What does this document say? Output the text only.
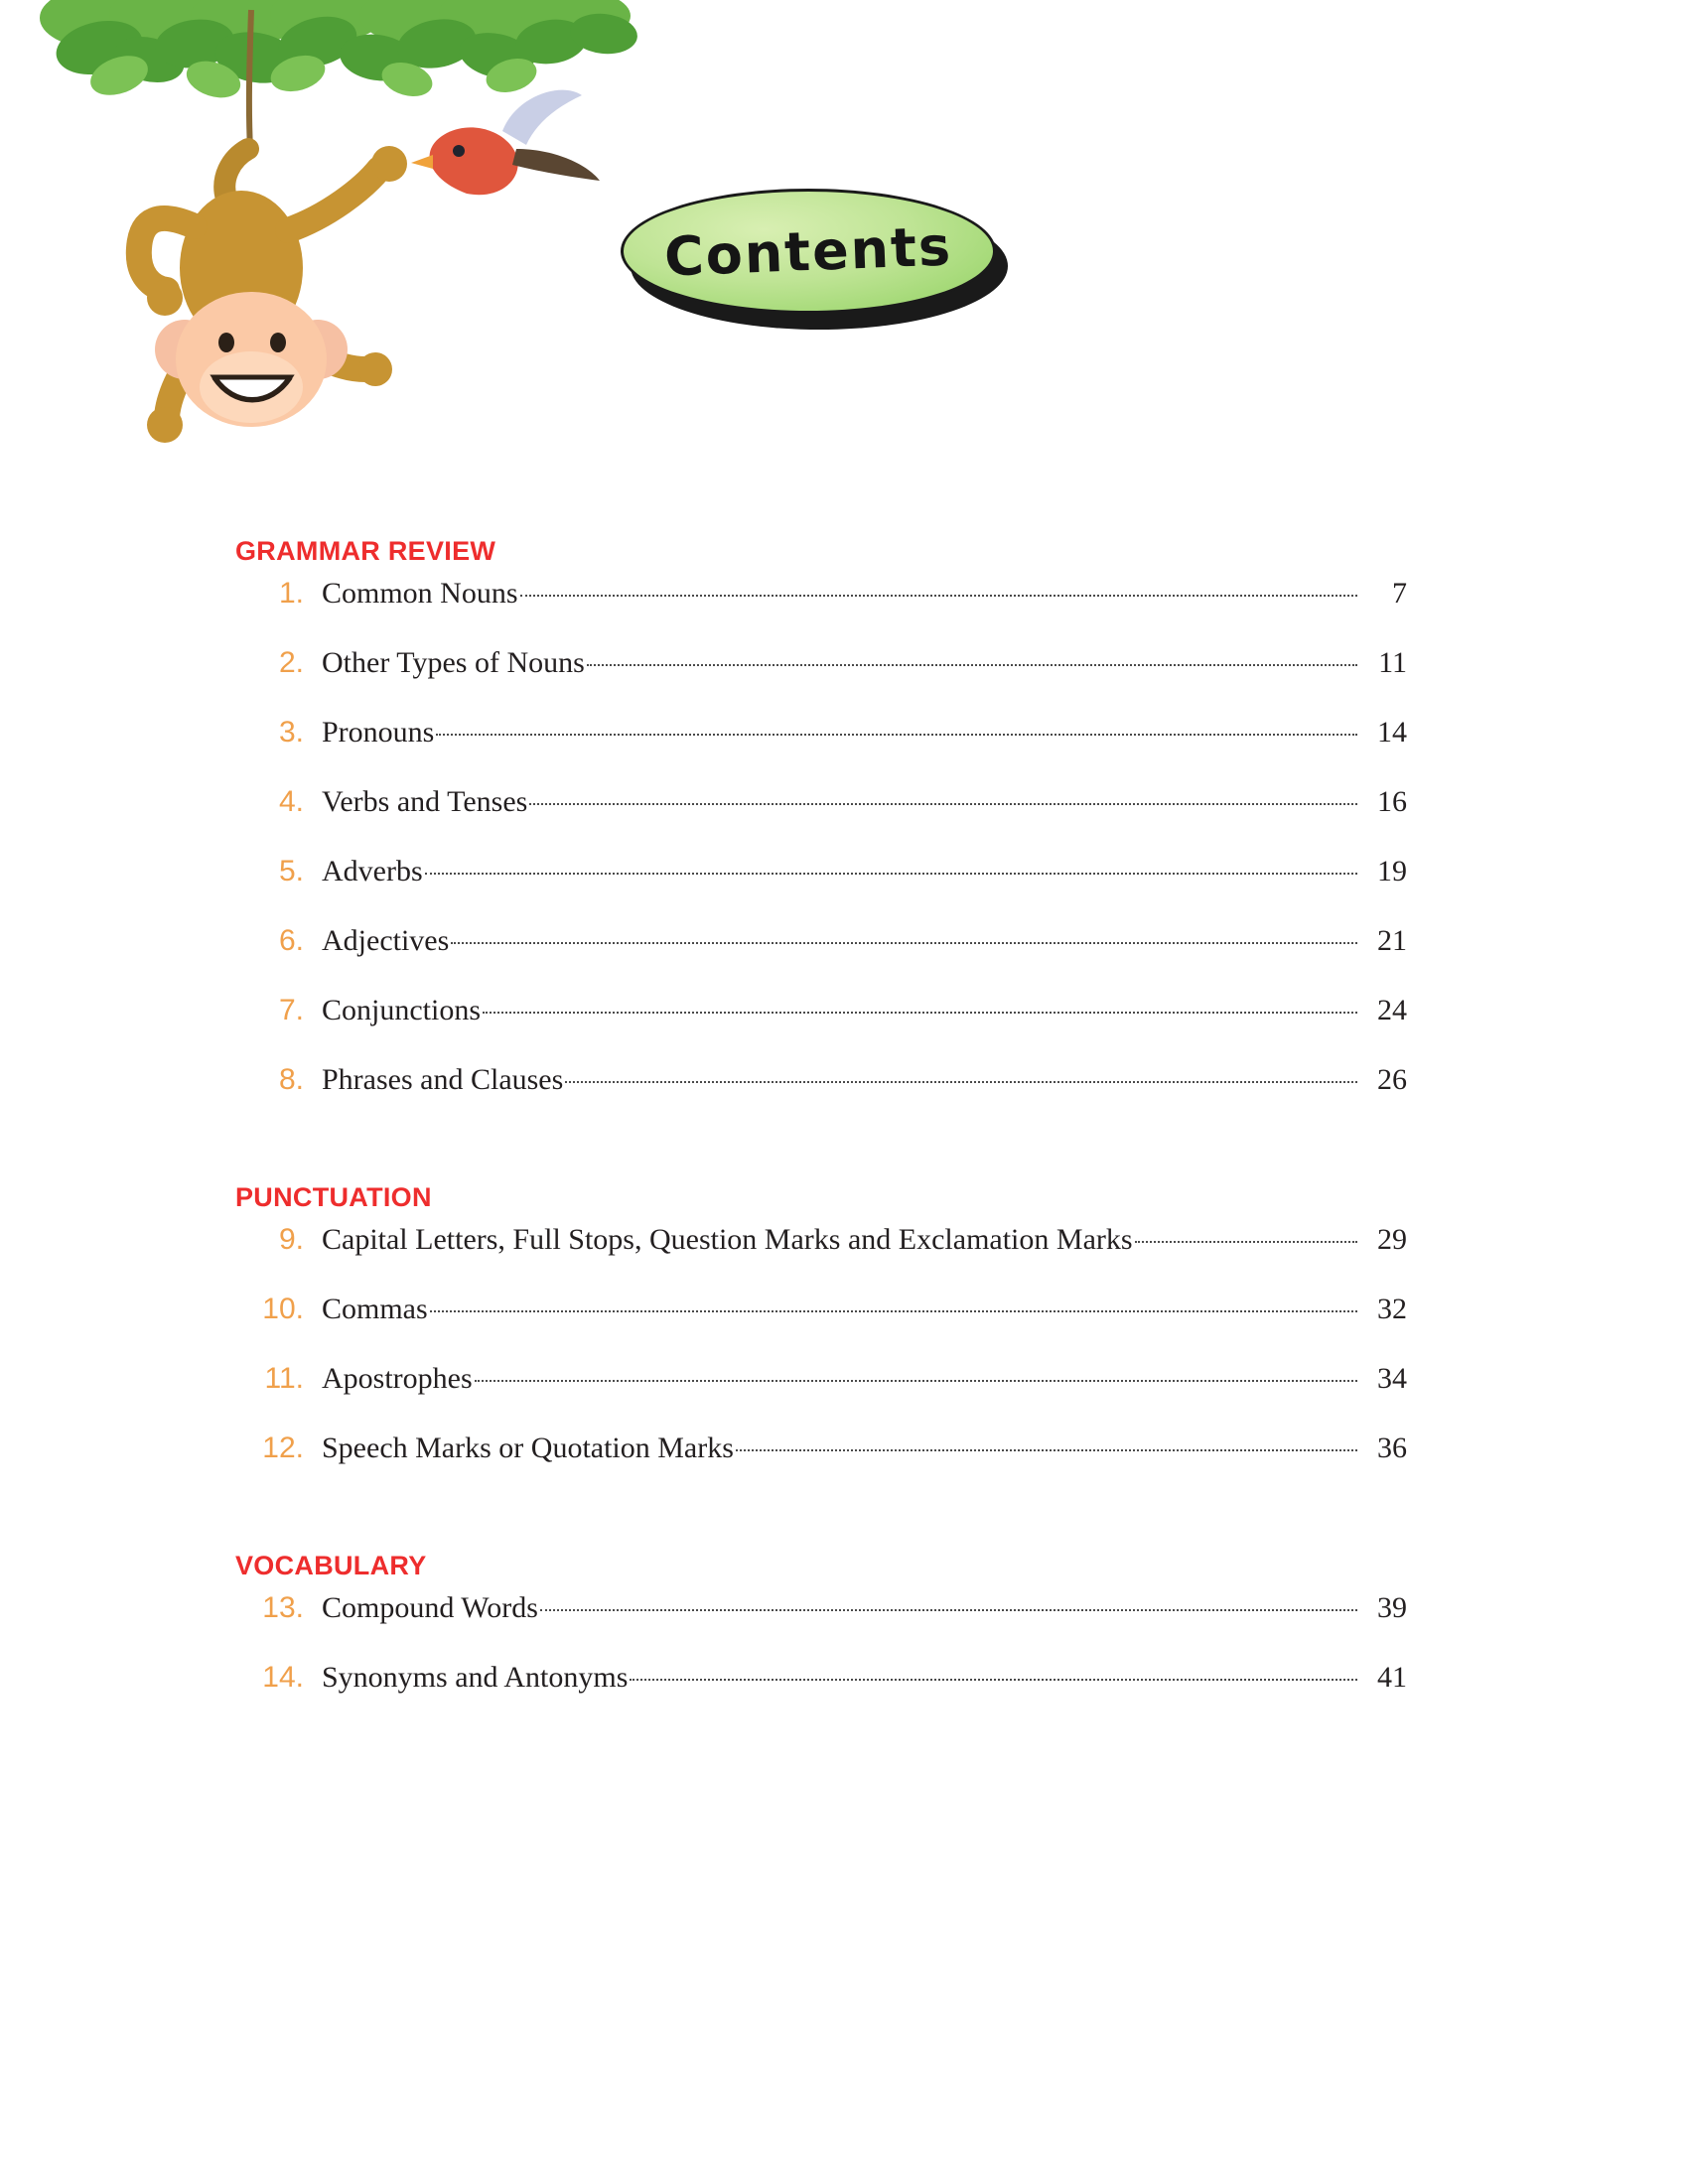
Contents
GRAMMAR REVIEW
1. Common Nouns	7
2. Other Types of Nouns	11
3. Pronouns	14
4. Verbs and Tenses	16
5. Adverbs	19
6. Adjectives	21
7. Conjunctions	24
8. Phrases and Clauses	26
PUNCTUATION
9. Capital Letters, Full Stops, Question Marks and Exclamation Marks	29
10. Commas	32
11. Apostrophes	34
12. Speech Marks or Quotation Marks	36
VOCABULARY
13. Compound Words	39
14. Synonyms and Antonyms	41
